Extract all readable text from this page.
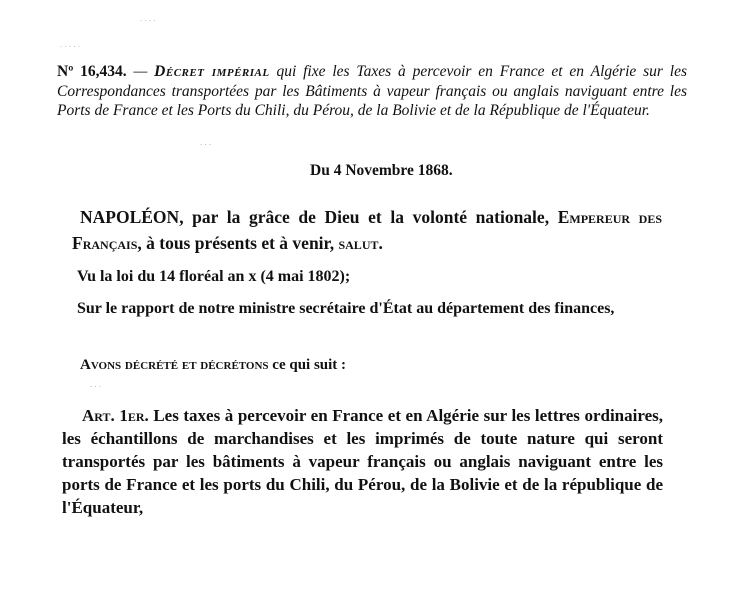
· · · ·
· · · · ·
· · ·
· · ·
Nº 16,434. — Décret impérial qui fixe les Taxes à percevoir en France et en Algérie sur les Correspondances transportées par les Bâtiments à vapeur français ou anglais naviguant entre les Ports de France et les Ports du Chili, du Pérou, de la Bolivie et de la République de l'Équateur.
Du 4 Novembre 1868.
NAPOLÉON, par la grâce de Dieu et la volonté nationale, Empereur des Français, à tous présents et à venir, salut.
Vu la loi du 14 floréal an x (4 mai 1802);
Sur le rapport de notre ministre secrétaire d'État au département des finances,
Avons décrété et décrétons ce qui suit :
Art. 1er. Les taxes à percevoir en France et en Algérie sur les lettres ordinaires, les échantillons de marchandises et les imprimés de toute nature qui seront transportés par les bâtiments à vapeur français ou anglais naviguant entre les ports de France et les ports du Chili, du Pérou, de la Bolivie et de la république de l'Équateur,
